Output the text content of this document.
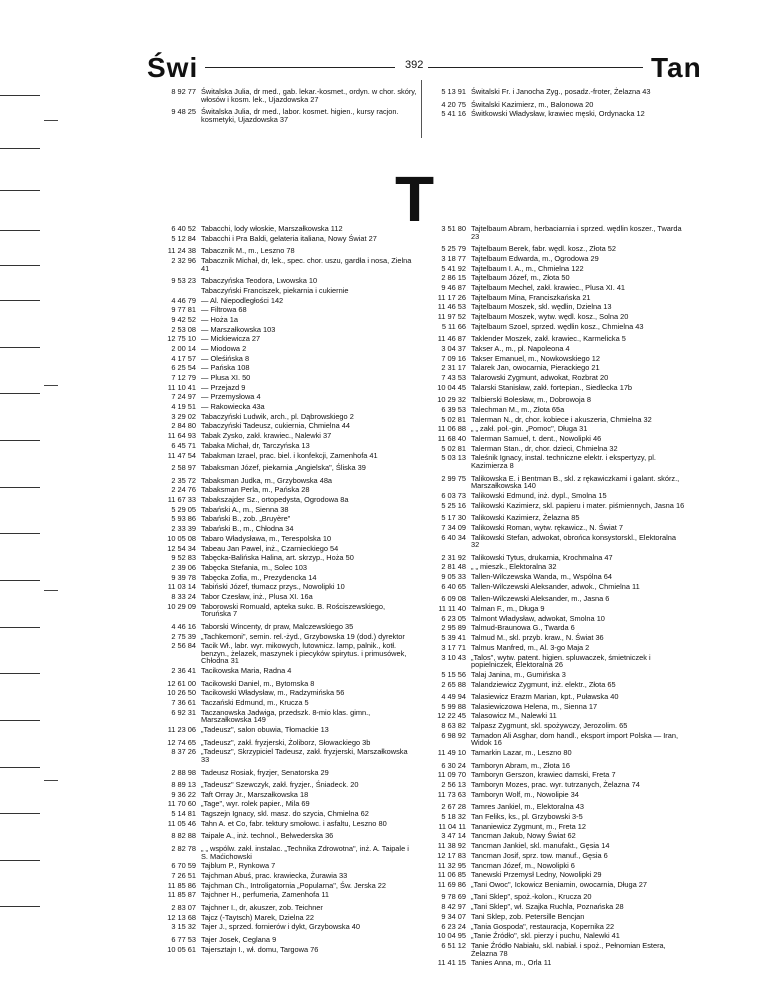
Świ	392	Tan
8 92 77 Świtalska Julia, dr med., gab. lekar.-kosmet., ordyn. w chor. skóry, włosów i kosm. lek., Ujazdowska 27
9 48 25 Świtalska Julia, dr med., labor. kosmet. higien., kursy racjon. kosmetyki, Ujazdowska 37
5 13 91 Świtalski Fr. i Janocha Zyg., posadz.-froter, Żelazna 43
4 20 75 Świtalski Kazimierz, m., Balonowa 20
5 41 16 Świtkowski Władysław, krawiec męski, Ordynacka 12
T
6 40 52 Tabacchi, lody włoskie, Marszałkowska 112
5 12 84 Tabacchi i Pra Baldi, gelateria italiana, Nowy Świat 27
11 24 38 Tabacznik M., m., Leszno 78
2 32 96 Tabacznik Michał, dr, lek., spec. chor. uszu, gardła i nosa, Zielna 41
9 53 23 Tabaczyńska Teodora, Lwowska 10
Tabaczyński Franciszek, piekarnia i cukiernie
4 46 79 — Al. Niepodległości 142
9 77 81 — Filtrowa 68
9 42 52 — Hoża 1a
2 53 08 — Marszałkowska 103
12 75 10 — Mickiewicza 27
2 00 14 — Miodowa 2
4 17 57 — Oleśińska 8
6 25 54 — Pańska 108
7 12 79 — Plusa XI. 50
11 10 41 — Przejazd 9
7 24 97 — Przemysłowa 4
4 19 51 — Rakowiecka 43a
3 29 02 Tabaczyński Ludwik, arch., pl. Dąbrowskiego 2
2 84 80 Tabaczyński Tadeusz, cukiernia, Chmielna 44
11 64 93 Tabak Zysko, zakł. krawiec., Nalewki 37
6 45 71 Tabaka Michał, dr, Tarczyńska 13
11 47 54 Tabakman Izrael, prac. biel. i konfekcji, Zamenhofa 41
2 58 97 Tabaksman Józef, piekarnia „Angielska", Śliska 39
2 35 72 Tabaksman Judka, m., Grzybowska 48a
2 24 76 Tabaksman Perla, m., Pańska 28
11 67 33 Tabakszajder Sz., ortopedysta, Ogrodowa 8a
5 29 05 Tabański A., m., Sienna 38
5 93 86 Tabański B., zob. „Bruyère"
2 33 39 Tabański B., m., Chłodna 34
10 05 08 Tabaro Władysława, m., Terespolska 10
12 54 34 Tabeau Jan Pawel, inż., Czarnieckiego 54
9 52 83 Tabęcka-Balińska Halina, art. skrzyp., Hoża 50
2 39 06 Tabęcka Stefania, m., Solec 103
9 39 78 Tabęcka Zofia, m., Prezydencka 14
11 03 14 Tabiński Józef, tłumacz przys., Nowolipki 10
8 33 24 Tabor Czesław, inż., Plusa XI. 16a
10 29 09 Taborowski Romuald, apteka sukc. B. Rościszewskiego, Toruńska 7
4 46 16 Taborski Wincenty, dr praw, Malczewskiego 35
2 75 39 „Tachkemoni", semin. rel.-żyd., Grzybowska 19 (dod.) dyrektor
2 56 84 Tacik Wł., labr. wyr. mikowych, lutownicz. lamp, palnik., kotł. benzyn., żelazek, maszynek i piecyków spirytus. i primusówek, Chłodna 31
2 36 41 Tacikowska Maria, Radna 4
12 61 00 Tacikowski Daniel, m., Bytomska 8
10 26 50 Tacikowski Władysław, m., Radzymińska 56
7 36 61 Taczański Edmund, m., Krucza 5
6 92 31 Taczanowska Jadwiga, przedszk. 8-mio klas. gimn., Marszałkowska 149
11 23 06 „Tadeusz", salon obuwia, Tłomackie 13
12 74 65 „Tadeusz", zakł. fryzjerski, Żoliborz, Słowackiego 3b
8 37 26 „Tadeusz", Skrzypiciel Tadeusz, zakł. fryzjerski, Marszałkowska 33
2 88 98 Tadeusz Rosiak, fryzjer, Senatorska 29
8 89 13 „Tadeusz" Szewczyk, zakł. fryzjer., Śniadeck. 20
9 36 22 Taft Orray Jr., Marszałkowska 18
11 70 60 „Tage", wyr. rolek papier., Mila 69
5 14 81 Tagszejn Ignacy, skl. masz. do szycia, Chmielna 62
11 05 46 Tahn A. et Co, fabr. tektury smołowc. i asfaltu, Leszno 80
8 82 88 Taipale A., inż. technol., Belwederska 36
2 82 78 „ „ wspólw. zakł. instalac. „Technika Zdrowotna", inż. A. Taipale i S. Maćichowski
6 70 59 Tajblum P., Rynkowa 7
7 26 51 Tajchman Abuś, prac. krawiecka, Żurawia 33
11 85 86 Tajchman Ch., Introligatornia „Popularna", Św. Jerska 22
11 85 87 Tajchner H., perfumeria, Zamenhofa 11
2 83 07 Tajchner I., dr, akuszer, zob. Teichner
12 13 68 Tajcz (-Taytsch) Marek, Dzielna 22
3 15 32 Tajer J., sprzed. fornierów i dykt, Grzybowska 40
6 77 53 Tajer Josek, Ceglana 9
10 05 61 Tajersztajn I., wł. domu, Targowa 76
3 51 80 Tajtelbaum Abram, herbaciarnia i sprzed. wędlin koszer., Twarda 23
5 25 79 Tajtelbaum Berek, fabr. wędl. kosz., Złota 52
3 18 77 Tajtelbaum Edwarda, m., Ogrodowa 29
5 41 92 Tajtelbaum I. A., m., Chmielna 122
2 86 15 Tajtelbaum Józef, m., Złota 50
9 46 87 Tajtelbaum Mechel, zakł. krawiec., Plusa XI. 41
11 17 26 Tajtelbaum Mina, Franciszkańska 21
11 46 53 Tajtelbaum Moszek, skl. wędlin, Dzielna 13
11 97 52 Tajtelbaum Moszek, wytw. wędl. kosz., Solna 20
5 11 66 Tajtelbaum Szoel, sprzed. wędlin kosz., Chmielna 43
11 46 87 Taklender Moszek, zakł. krawiec., Karmelicka 5
3 04 37 Takser A., m., pl. Napoleona 4
7 09 16 Takser Emanuel, m., Nowkowskiego 12
2 31 17 Talarek Jan, owocarnia, Pierackiego 21
7 43 53 Talarowski Zygmunt, adwokat, Rozbrat 20
10 04 45 Talarski Stanisław, zakł. fortepian., Siedlecka 17b
10 29 32 Talbierski Bolesław, m., Dobrowoja 8
6 39 53 Talechman M., m., Złota 65a
5 02 81 Talerman N., dr, chor. kobiece i akuszeria, Chmielna 32
11 06 88 „ „ zakł. poł.-gin. „Pomoc", Długa 31
11 68 40 Talerman Samuel, t. dent., Nowolipki 46
5 02 81 Talerman Stan., dr, chor. dzieci, Chmielna 32
5 03 13 Taleśnik Ignacy, instal. techniczne elektr. i ekspertyzy, pl. Kazimierza 8
2 99 75 Talikowska E. i Bentman B., skl. z rękawiczkami i galant. skórz., Marszałkowska 140
6 03 73 Talikowski Edmund, inż. dypl., Smolna 15
5 25 16 Talikowski Kazimierz, skl. papieru i mater. piśmiennych, Jasna 16
5 17 30 Talikowski Kazimierz, Żelazna 85
7 34 09 Talikowski Roman, wytw. rękawicz., N. Świat 7
6 40 34 Talikowski Stefan, adwokat, obrońca konsystorskl., Elektoralna 32
2 31 92 Talikowski Tytus, drukarnia, Krochmalna 47
2 81 48 „ „ mieszk., Elektoralna 32
9 05 33 Tallen-Wilczewska Wanda, m., Wspólna 64
6 40 65 Tallen-Wilczewski Aleksander, adwok., Chmielna 11
6 09 08 Tallen-Wilczewski Aleksander, m., Jasna 6
11 11 40 Talman F., m., Długa 9
6 23 05 Talmont Władysław, adwokat, Smolna 10
2 95 89 Talmud-Braunowa G., Twarda 6
5 39 41 Talmud M., skl. przyb. kraw., N. Świat 36
3 17 71 Talmus Manfred, m., Al. 3-go Maja 2
3 10 43 „Talos", wytw. patent. higien. spluwaczek, śmietniczek i popielniczek, Elektoralna 26
5 15 56 Talaj Janina, m., Gumińska 3
2 65 88 Talandziewicz Zygmunt, inż. elektr., Złota 65
4 49 94 Talasiewicz Erazm Marian, kpt., Puławska 40
5 99 88 Talasiewiczowa Helena, m., Sienna 17
12 22 45 Talasowicz M., Nalewki 11
8 63 82 Talpasz Zygmunt, skl. spożywczy, Jerozolim. 65
6 98 92 Tamadon Ali Asghar, dom handl., eksport import Polska — Iran, Widok 16
11 49 10 Tamarkin Lazar, m., Leszno 80
6 30 24 Tamboryn Abram, m., Złota 16
11 09 70 Tamboryn Gerszon, krawiec damski, Freta 7
2 56 13 Tamboryn Mozes, prac. wyr. tutrzanych, Żelazna 74
11 73 63 Tamboryn Wolf, m., Nowolipie 34
2 67 28 Tamres Jankiel, m., Elektoralna 43
5 18 32 Tan Feliks, ks., pl. Grzybowski 3-5
11 04 11 Tananiewicz Zygmunt, m., Freta 12
3 47 14 Tancman Jakub, Nowy Świat 62
11 38 92 Tancman Jankiel, skl. manufakt., Gęsia 14
12 17 83 Tancman Josif, sprz. tow. manuf., Gęsia 6
11 32 95 Tancman Józef, m., Nowolipki 6
11 06 85 Tanewski Przemysł Ledny, Nowolipki 29
11 69 86 „Tani Owoc", Ickowicz Beniamin, owocarnia, Długa 27
9 78 69 „Tani Sklep", spoż.-kolon., Krucza 20
8 42 97 „Tani Sklep", wł. Szajka Ruchla, Poznańska 28
9 34 07 Tani Sklep, zob. Petersille Bencjan
6 23 24 „Tania Gospoda", restauracja, Kopernika 22
10 04 95 „Tanie Źródło", skl. pierzy i puchu, Nalewki 41
6 51 12 Tanie Źródło Nabiału, skl. nabiał. i spoż., Pełnomian Estera, Żelazna 78
11 41 15 Tanies Anna, m., Orla 11
